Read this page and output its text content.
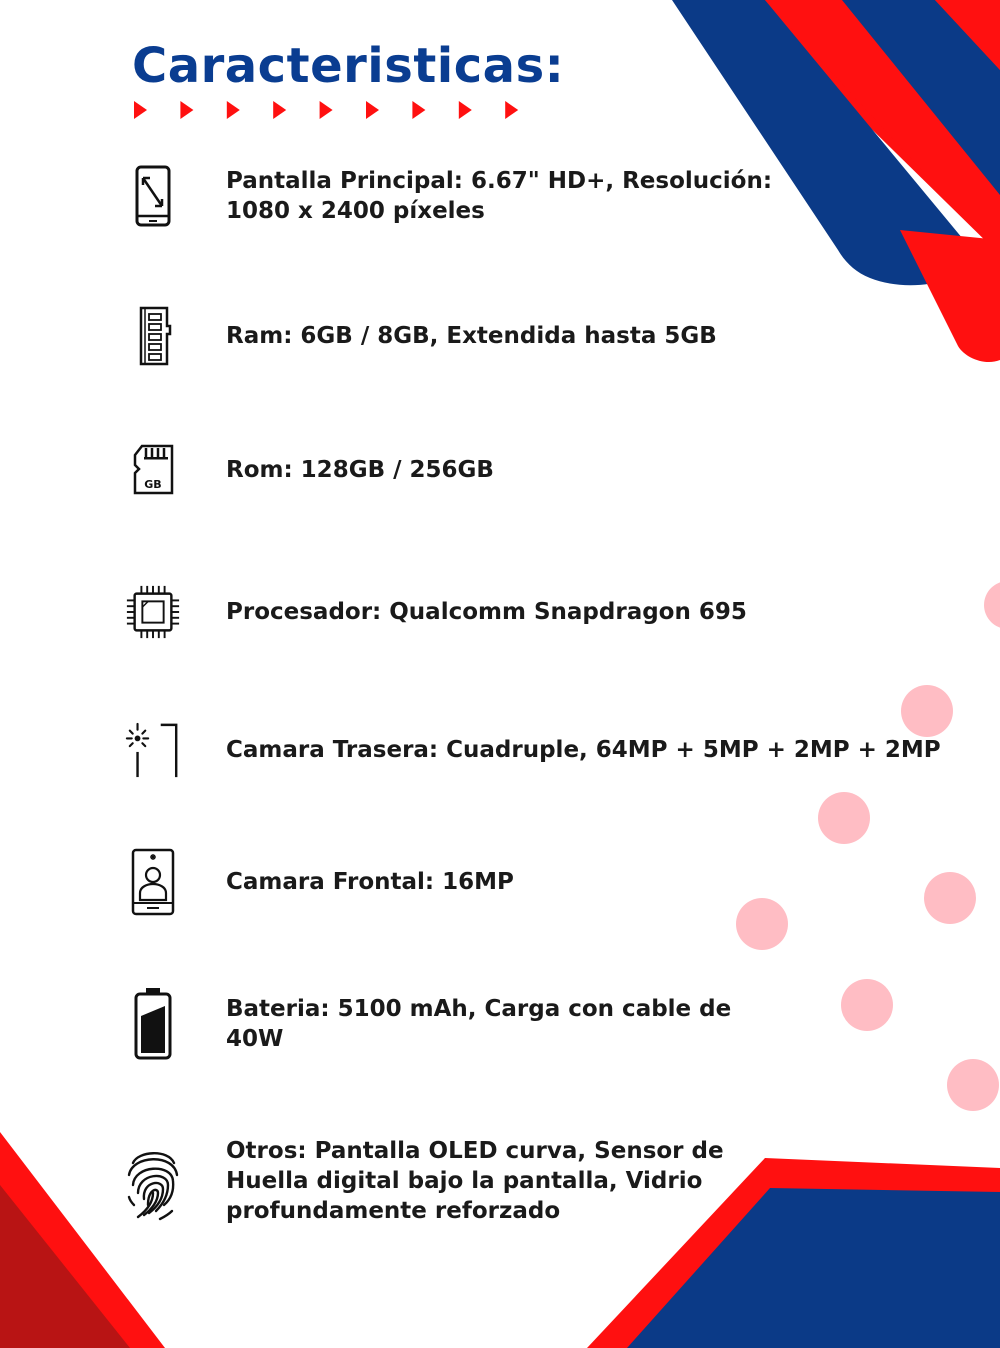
Caracteristicas:
Pantalla Principal: 6.67" HD+, Resolución: 1080 x 2400 píxeles
Ram: 6GB / 8GB, Extendida hasta 5GB
GB
Rom: 128GB / 256GB
Procesador: Qualcomm Snapdragon 695
Camara Trasera: Cuadruple, 64MP + 5MP + 2MP + 2MP
Camara Frontal: 16MP
Bateria: 5100 mAh, Carga con cable de 40W
Otros: Pantalla OLED curva, Sensor de Huella digital bajo la pantalla, Vidrio profundamente reforzado
